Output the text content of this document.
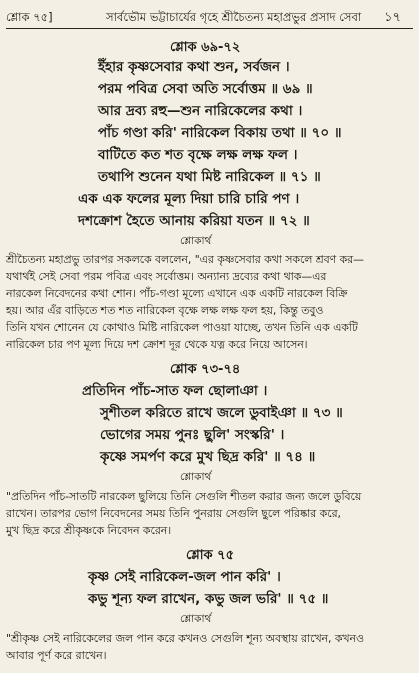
শ্লোক ৭৫]	সার্বভৌম ভট্টাচার্যের গৃহে শ্রীচৈতন্য মহাপ্রভুর প্রসাদ সেবা ১৭
শ্লোক ৬৯-৭২
ইঁহার কৃষ্ণসেবার কথা শুন, সর্বজন ।
পরম পবিত্র সেবা অতি সর্বোত্তম ॥ ৬৯ ॥
আর দ্রব্য রহু—শুন নারিকেলের কথা ।
পাঁচ গণ্ডা করি' নারিকেল বিকায় তথা ॥ ৭০ ॥
বাটিতে কত শত বৃক্ষে লক্ষ লক্ষ ফল ।
তথাপি শুনেন যথা মিষ্ট নারিকেল ॥ ৭১ ॥
এক এক ফলের মূল্য দিয়া চারি চারি পণ ।
দশক্রোশ হৈতে আনায় করিয়া যতন ॥ ৭২ ॥
শ্লোকার্থ
শ্রীচৈতন্য মহাপ্রভু তারপর সকলকে বললেন, "এর কৃষ্ণসেবার কথা সকলে শ্রবণ কর—
যথার্থই সেই সেবা পরম পবিত্র এবং সর্বোত্তম। অন্যান্য দ্রব্যের কথা থাক—এর
নারকেল নিবেদনের কথা শোন। পাঁচ-গণ্ডা মূল্যে এখানে এক একটি নারকেল বিক্রি
হয়। আর এঁর বাড়িতে শত শত নারিকেল বৃক্ষে লক্ষ লক্ষ ফল হয়, কিন্তু তবুও
তিনি যখন শোনেন যে কোথাও মিষ্টি নারিকেল পাওয়া যাচ্ছে, তখন তিনি এক একটি
নারিকেল চার পণ মূল্য দিয়ে দশ ক্রোশ দূর থেকে যত্ন করে নিয়ে আসেন।
শ্লোক ৭৩-৭৪
প্রতিদিন পাঁচ-সাত ফল ছোলাঞা ।
সুশীতল করিতে রাখে জলে ডুবাইঞা ॥ ৭৩ ॥
ভোগের সময় পুনঃ ছুলি' সংস্করি' ।
কৃষ্ণে সমর্পণ করে মুখ ছিদ্র করি' ॥ ৭৪ ॥
শ্লোকার্থ
"প্রতিদিন পাঁচ-সাতটি নারকেল ছুলিয়ে তিনি সেগুলি শীতল করার জন্য জলে ডুবিয়ে
রাখেন। তারপর ভোগ নিবেদনের সময় তিনি পুনরায় সেগুলি ছুলে পরিষ্কার করে,
মুখ ছিদ্র করে শ্রীকৃষ্ণকে নিবেদন করেন।
শ্লোক ৭৫
কৃষ্ণ সেই নারিকেল-জল পান করি' ।
কভু শূন্য ফল রাখেন, কভু জল ভরি' ॥ ৭৫ ॥
শ্লোকার্থ
"শ্রীকৃষ্ণ সেই নারিকেলের জল পান করে কখনও সেগুলি শূন্য অবস্থায় রাখেন, কখনও
আবার পূর্ণ করে রাখেন।
